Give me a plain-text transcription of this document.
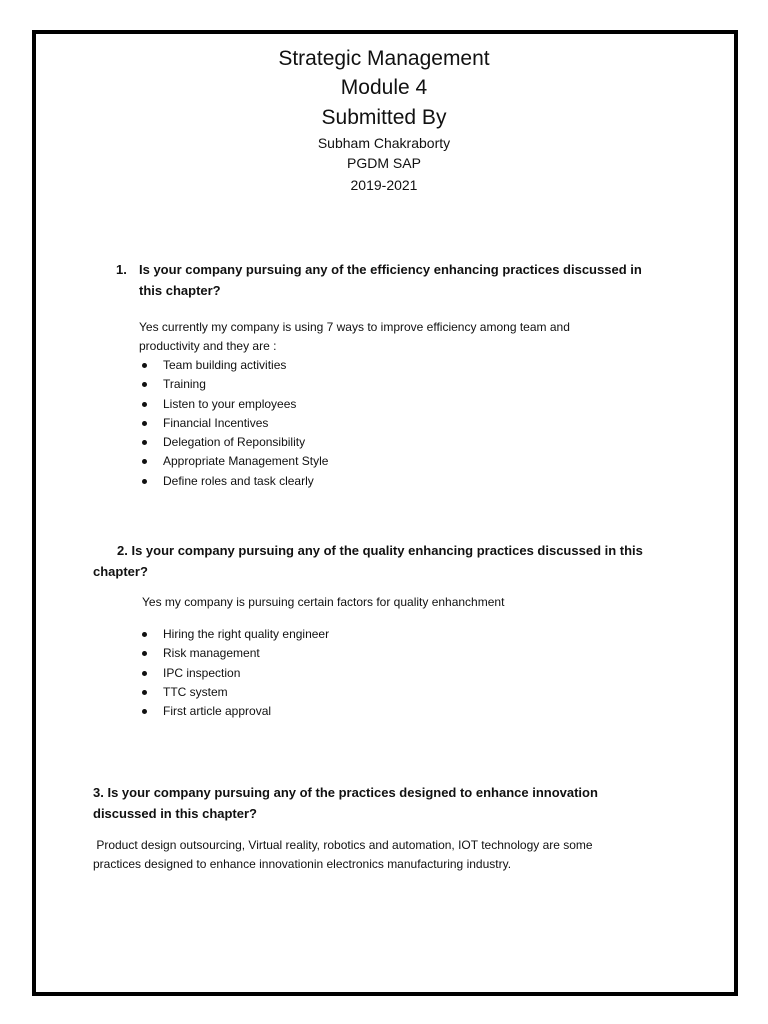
Strategic Management
Module 4
Submitted By
Subham Chakraborty
PGDM SAP
2019-2021
1. Is your company pursuing any of the efficiency enhancing practices discussed in
this chapter?
Yes currently my company is using 7 ways to improve efficiency among team and
productivity and they are :
Team building activities
Training
Listen to your employees
Financial Incentives
Delegation of Reponsibility
Appropriate Management Style
Define roles and task clearly
2. Is your company pursuing any of the quality enhancing practices discussed in this
chapter?
Yes my company is pursuing certain factors for quality enhanchment
Hiring the right quality engineer
Risk management
IPC inspection
TTC system
First article approval
3. Is your company pursuing any of the practices designed to enhance innovation
discussed in this chapter?
Product design outsourcing, Virtual reality, robotics and automation, IOT technology are some
practices designed to enhance innovationin electronics manufacturing industry.
